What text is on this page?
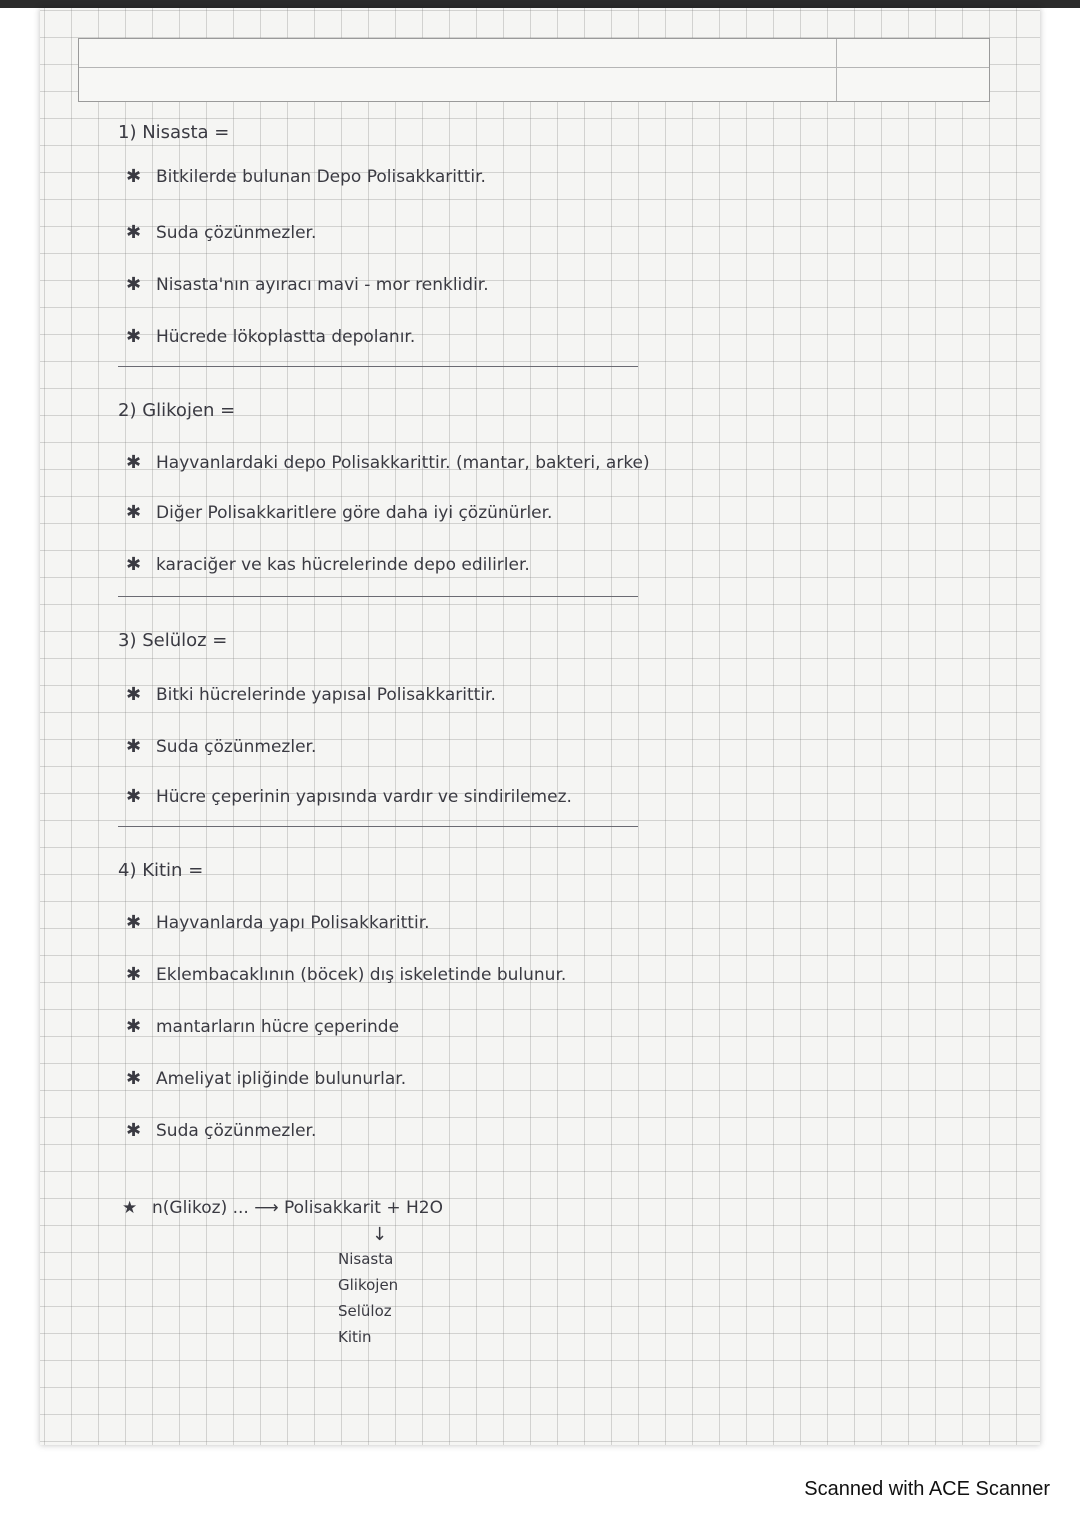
1) Nisasta =
✱ Bitkilerde bulunan Depo Polisakkarittir.
✱ Suda çözünmezler.
✱ Nisasta'nın ayıracı mavi - mor renklidir.
✱ Hücrede lökoplastta depolanır.
2) Glikojen =
✱ Hayvanlardaki depo Polisakkarittir. (mantar, bakteri, arke)
✱ Diğer Polisakkaritlere göre daha iyi çözünürler.
✱ karaciğer ve kas hücrelerinde depo edilirler.
3) Selüloz =
✱ Bitki hücrelerinde yapısal Polisakkarittir.
✱ Suda çözünmezler.
✱ Hücre çeperinin yapısında vardır ve sindirilemez.
4) Kitin =
✱ Hayvanlarda yapı Polisakkarittir.
✱ Eklembacaklının (böcek) dış iskeletinde bulunur.
✱ mantarların hücre çeperinde
✱ Ameliyat ipliğinde bulunurlar.
✱ Suda çözünmezler.
★ n(Glikoz) ... ⟶ Polisakkarit + H2O
↓
Nisasta
Glikojen
Selüloz
Kitin
Scanned with ACE Scanner
